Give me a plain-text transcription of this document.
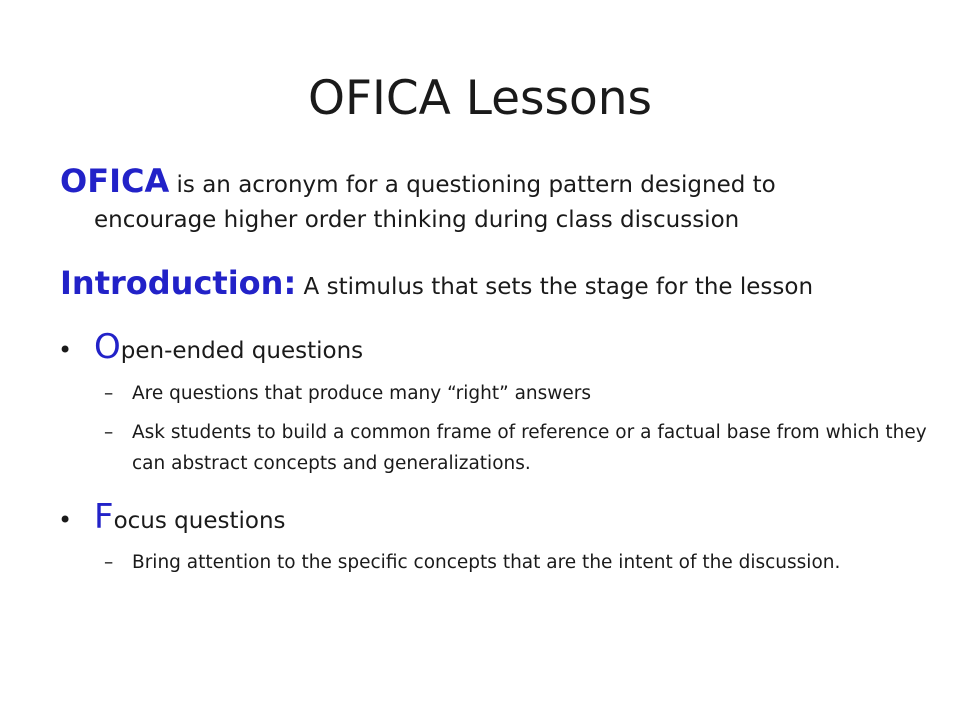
OFICA Lessons
OFICA is an acronym for a questioning pattern designed to
encourage higher order thinking during class discussion
Introduction: A stimulus that sets the stage for the lesson
• Open-ended questions
–	Are questions that produce many “right” answers
–	Ask students to build a common frame of reference or a factual base from which they can abstract concepts and generalizations.
• Focus questions
–	Bring attention to the specific concepts that are the intent of the discussion.
